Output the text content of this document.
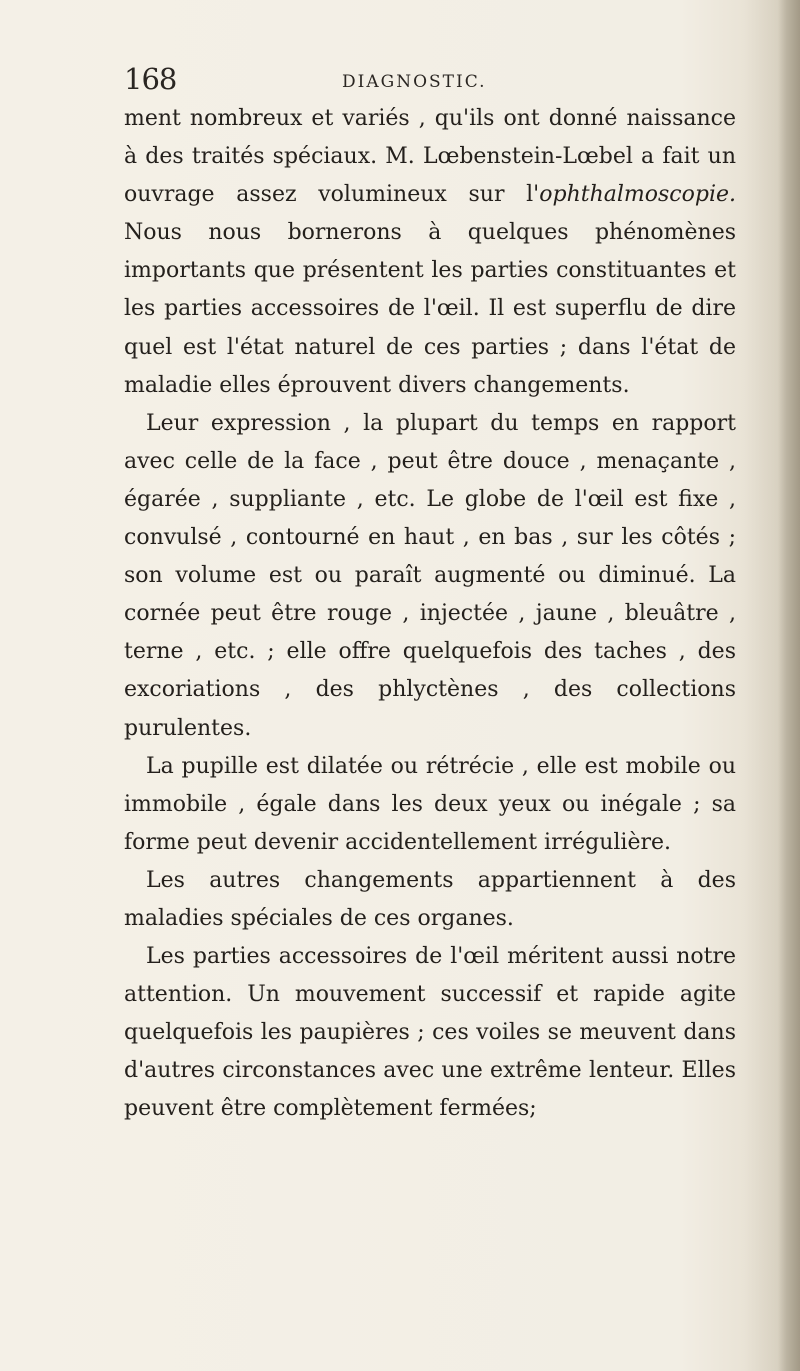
168	DIAGNOSTIC.

ment nombreux et variés , qu'ils ont donné naissance à des traités spéciaux. M. Lœbenstein-Lœbel a fait un ouvrage assez volumineux sur l'ophthalmoscopie. Nous nous bornerons à quelques phénomènes importants que présentent les parties constituantes et les parties accessoires de l'œil. Il est superflu de dire quel est l'état naturel de ces parties ; dans l'état de maladie elles éprouvent divers changements.

Leur expression , la plupart du temps en rapport avec celle de la face , peut être douce , menaçante , égarée , suppliante , etc. Le globe de l'œil est fixe , convulsé , contourné en haut , en bas , sur les côtés ; son volume est ou paraît augmenté ou diminué. La cornée peut être rouge , injectée , jaune , bleuâtre , terne , etc. ; elle offre quelquefois des taches , des excoriations , des phlyctènes , des collections purulentes.

La pupille est dilatée ou rétrécie , elle est mobile ou immobile , égale dans les deux yeux ou inégale ; sa forme peut devenir accidentellement irrégulière.

Les autres changements appartiennent à des maladies spéciales de ces organes.

Les parties accessoires de l'œil méritent aussi notre attention. Un mouvement successif et rapide agite quelquefois les paupières ; ces voiles se meuvent dans d'autres circonstances avec une extrême lenteur. Elles peuvent être complètement fermées;
